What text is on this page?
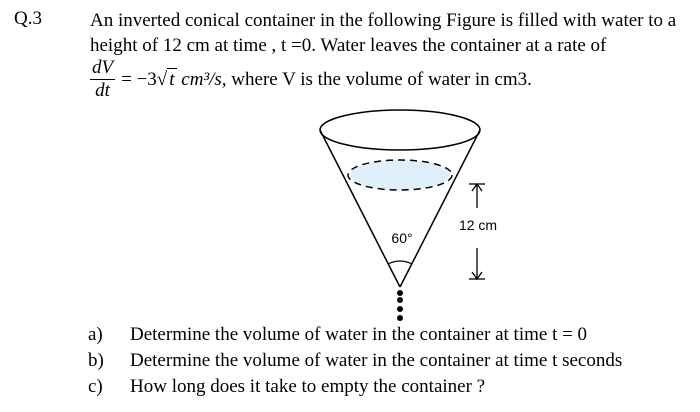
Q.3	An inverted conical container in the following Figure is filled with water to a

height of 12 cm at time , t =0. Water leaves the container at a rate of

$\frac{dV}{dt} = -3√$ t cm³/s, where V is the volume of water in cm3.
60°
12 cm
a)	Determine the volume of water in the container at time t = 0
b)	Determine the volume of water in the container at time t seconds
c)	How long does it take to empty the container ?
